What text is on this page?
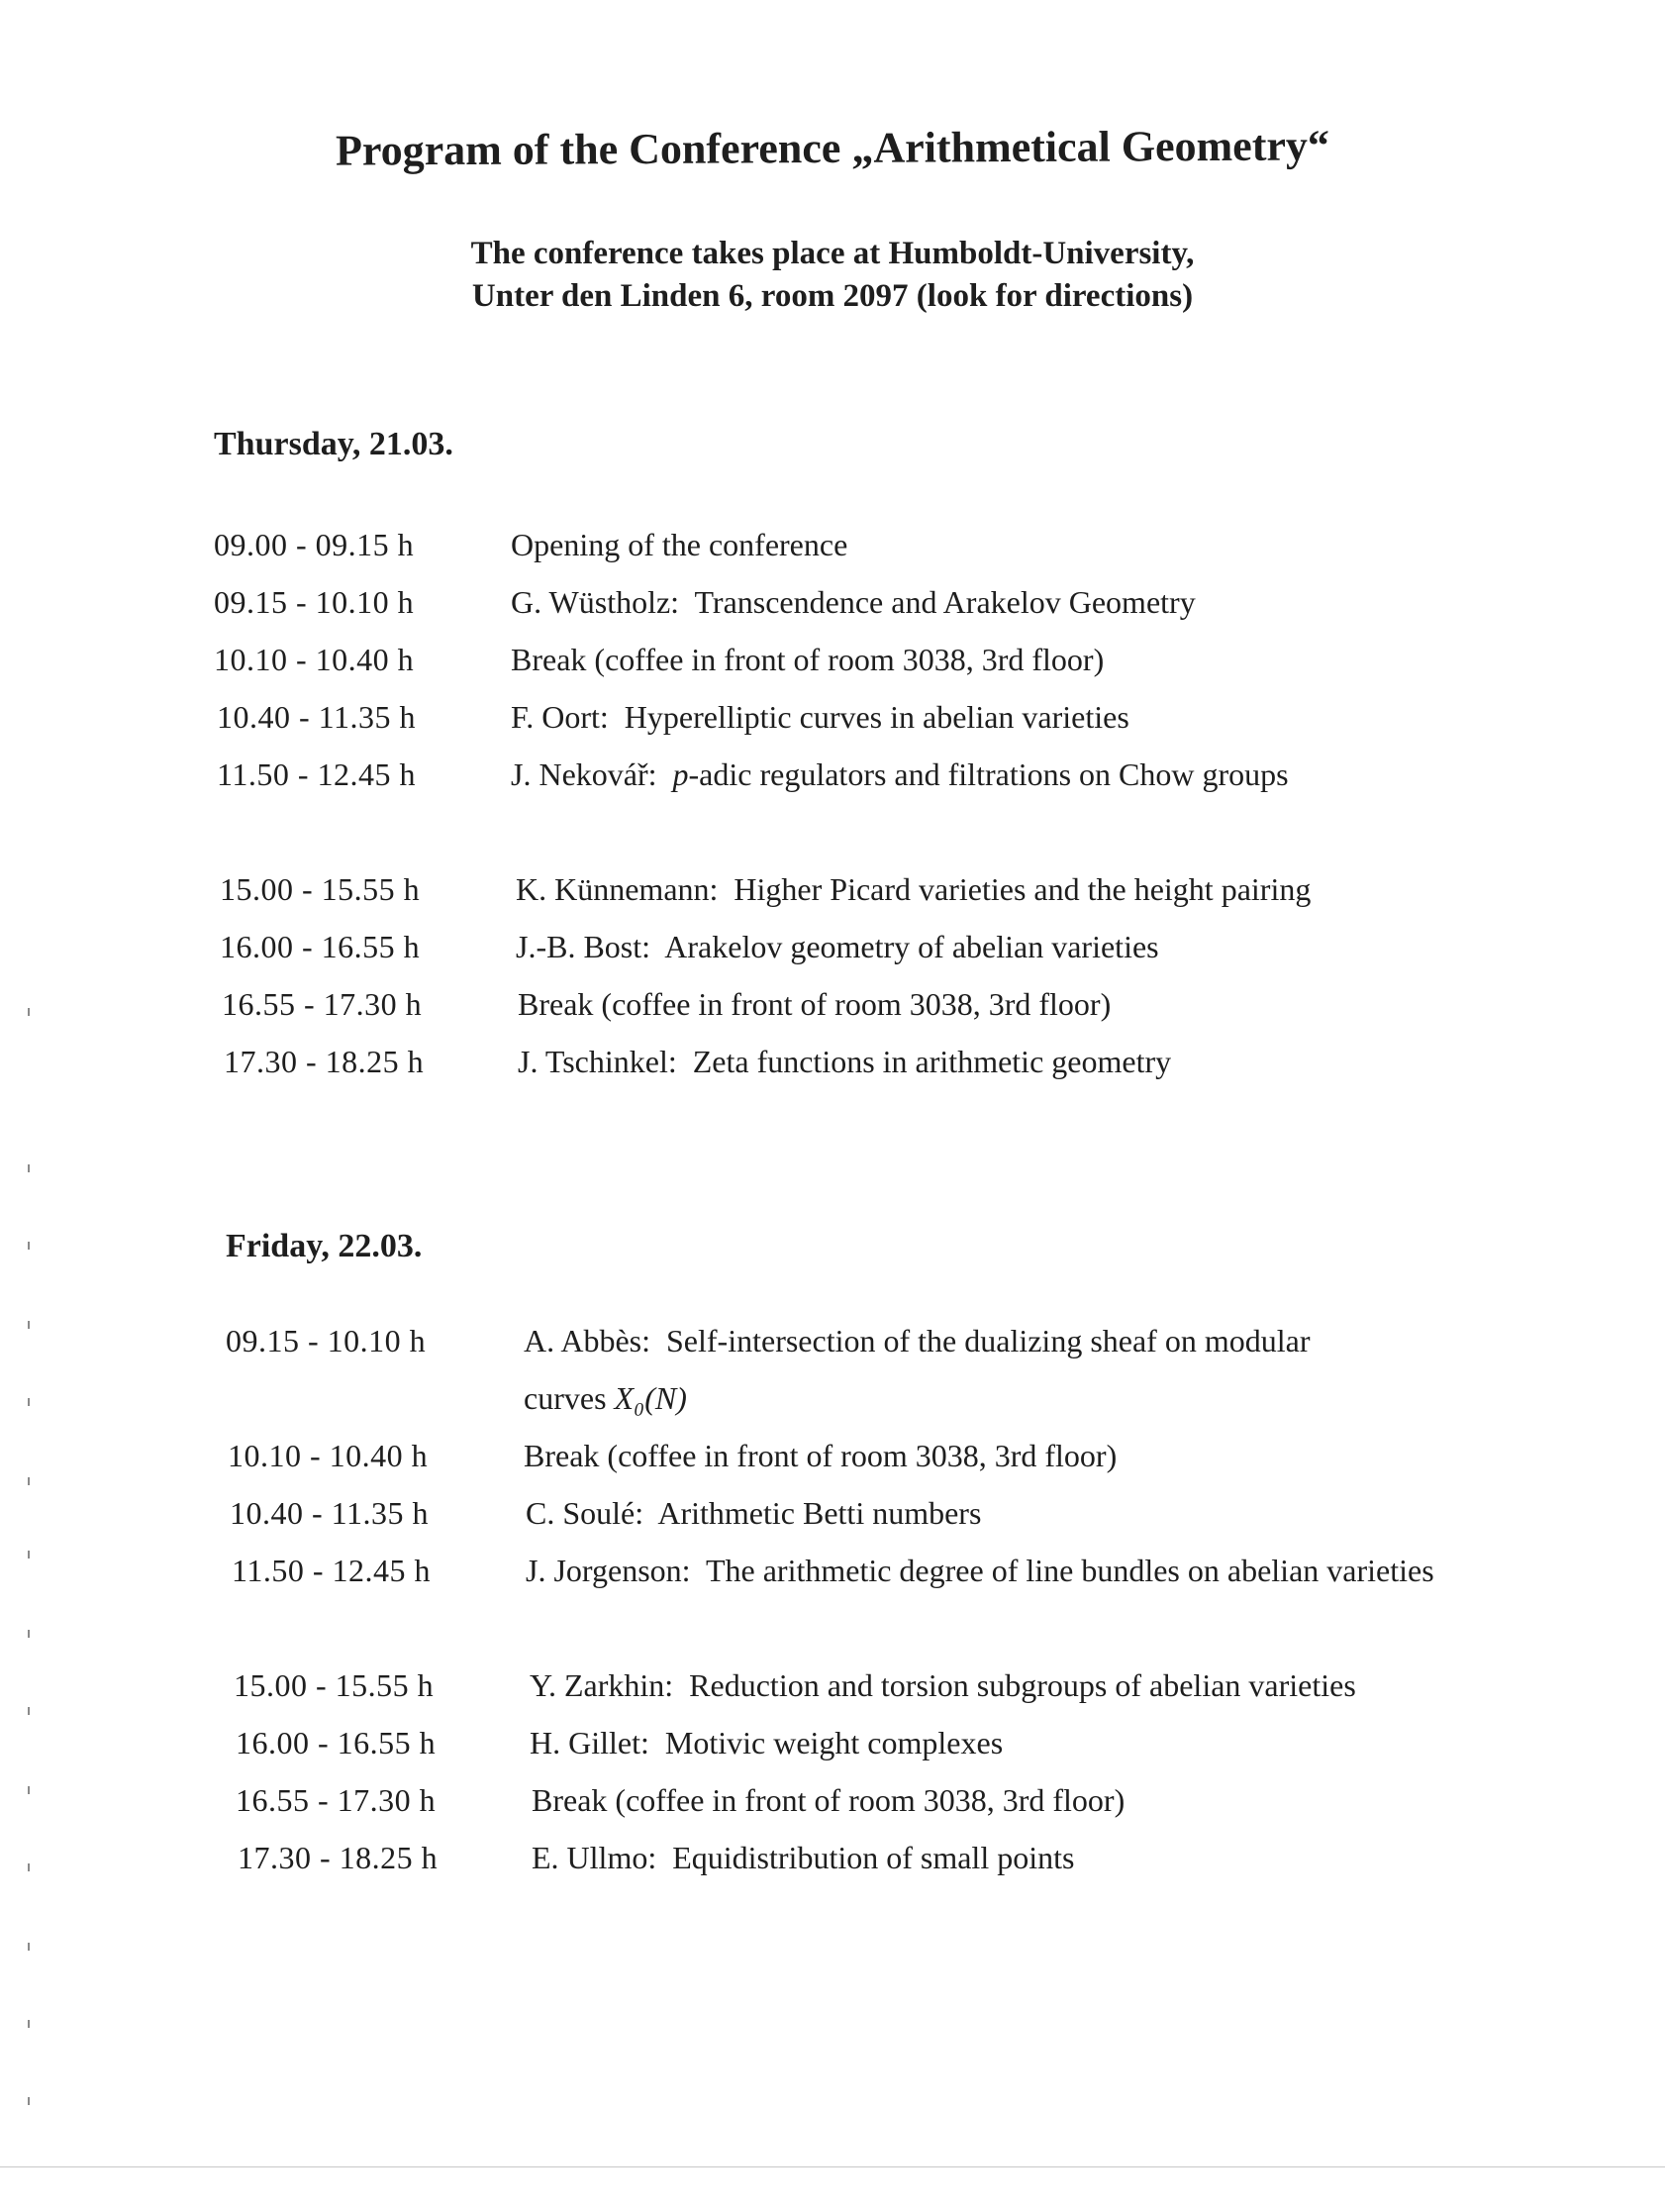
Program of the Conference „Arithmetical Geometry“
The conference takes place at Humboldt-University,
Unter den Linden 6, room 2097 (look for directions)
Thursday, 21.03.
09.00 - 09.15 h	Opening of the conference
09.15 - 10.10 h	G. Wüstholz: Transcendence and Arakelov Geometry
10.10 - 10.40 h	Break (coffee in front of room 3038, 3rd floor)
10.40 - 11.35 h	F. Oort: Hyperelliptic curves in abelian varieties
11.50 - 12.45 h	J. Nekovář: p-adic regulators and filtrations on Chow groups
15.00 - 15.55 h	K. Künnemann: Higher Picard varieties and the height pairing
16.00 - 16.55 h	J.-B. Bost: Arakelov geometry of abelian varieties
16.55 - 17.30 h	Break (coffee in front of room 3038, 3rd floor)
17.30 - 18.25 h	J. Tschinkel: Zeta functions in arithmetic geometry
Friday, 22.03.
09.15 - 10.10 h	A. Abbès: Self-intersection of the dualizing sheaf on modular
curves X₀(N)
10.10 - 10.40 h	Break (coffee in front of room 3038, 3rd floor)
10.40 - 11.35 h	C. Soulé: Arithmetic Betti numbers
11.50 - 12.45 h	J. Jorgenson: The arithmetic degree of line bundles on abelian varieties
15.00 - 15.55 h	Y. Zarkhin: Reduction and torsion subgroups of abelian varieties
16.00 - 16.55 h	H. Gillet: Motivic weight complexes
16.55 - 17.30 h	Break (coffee in front of room 3038, 3rd floor)
17.30 - 18.25 h	E. Ullmo: Equidistribution of small points
